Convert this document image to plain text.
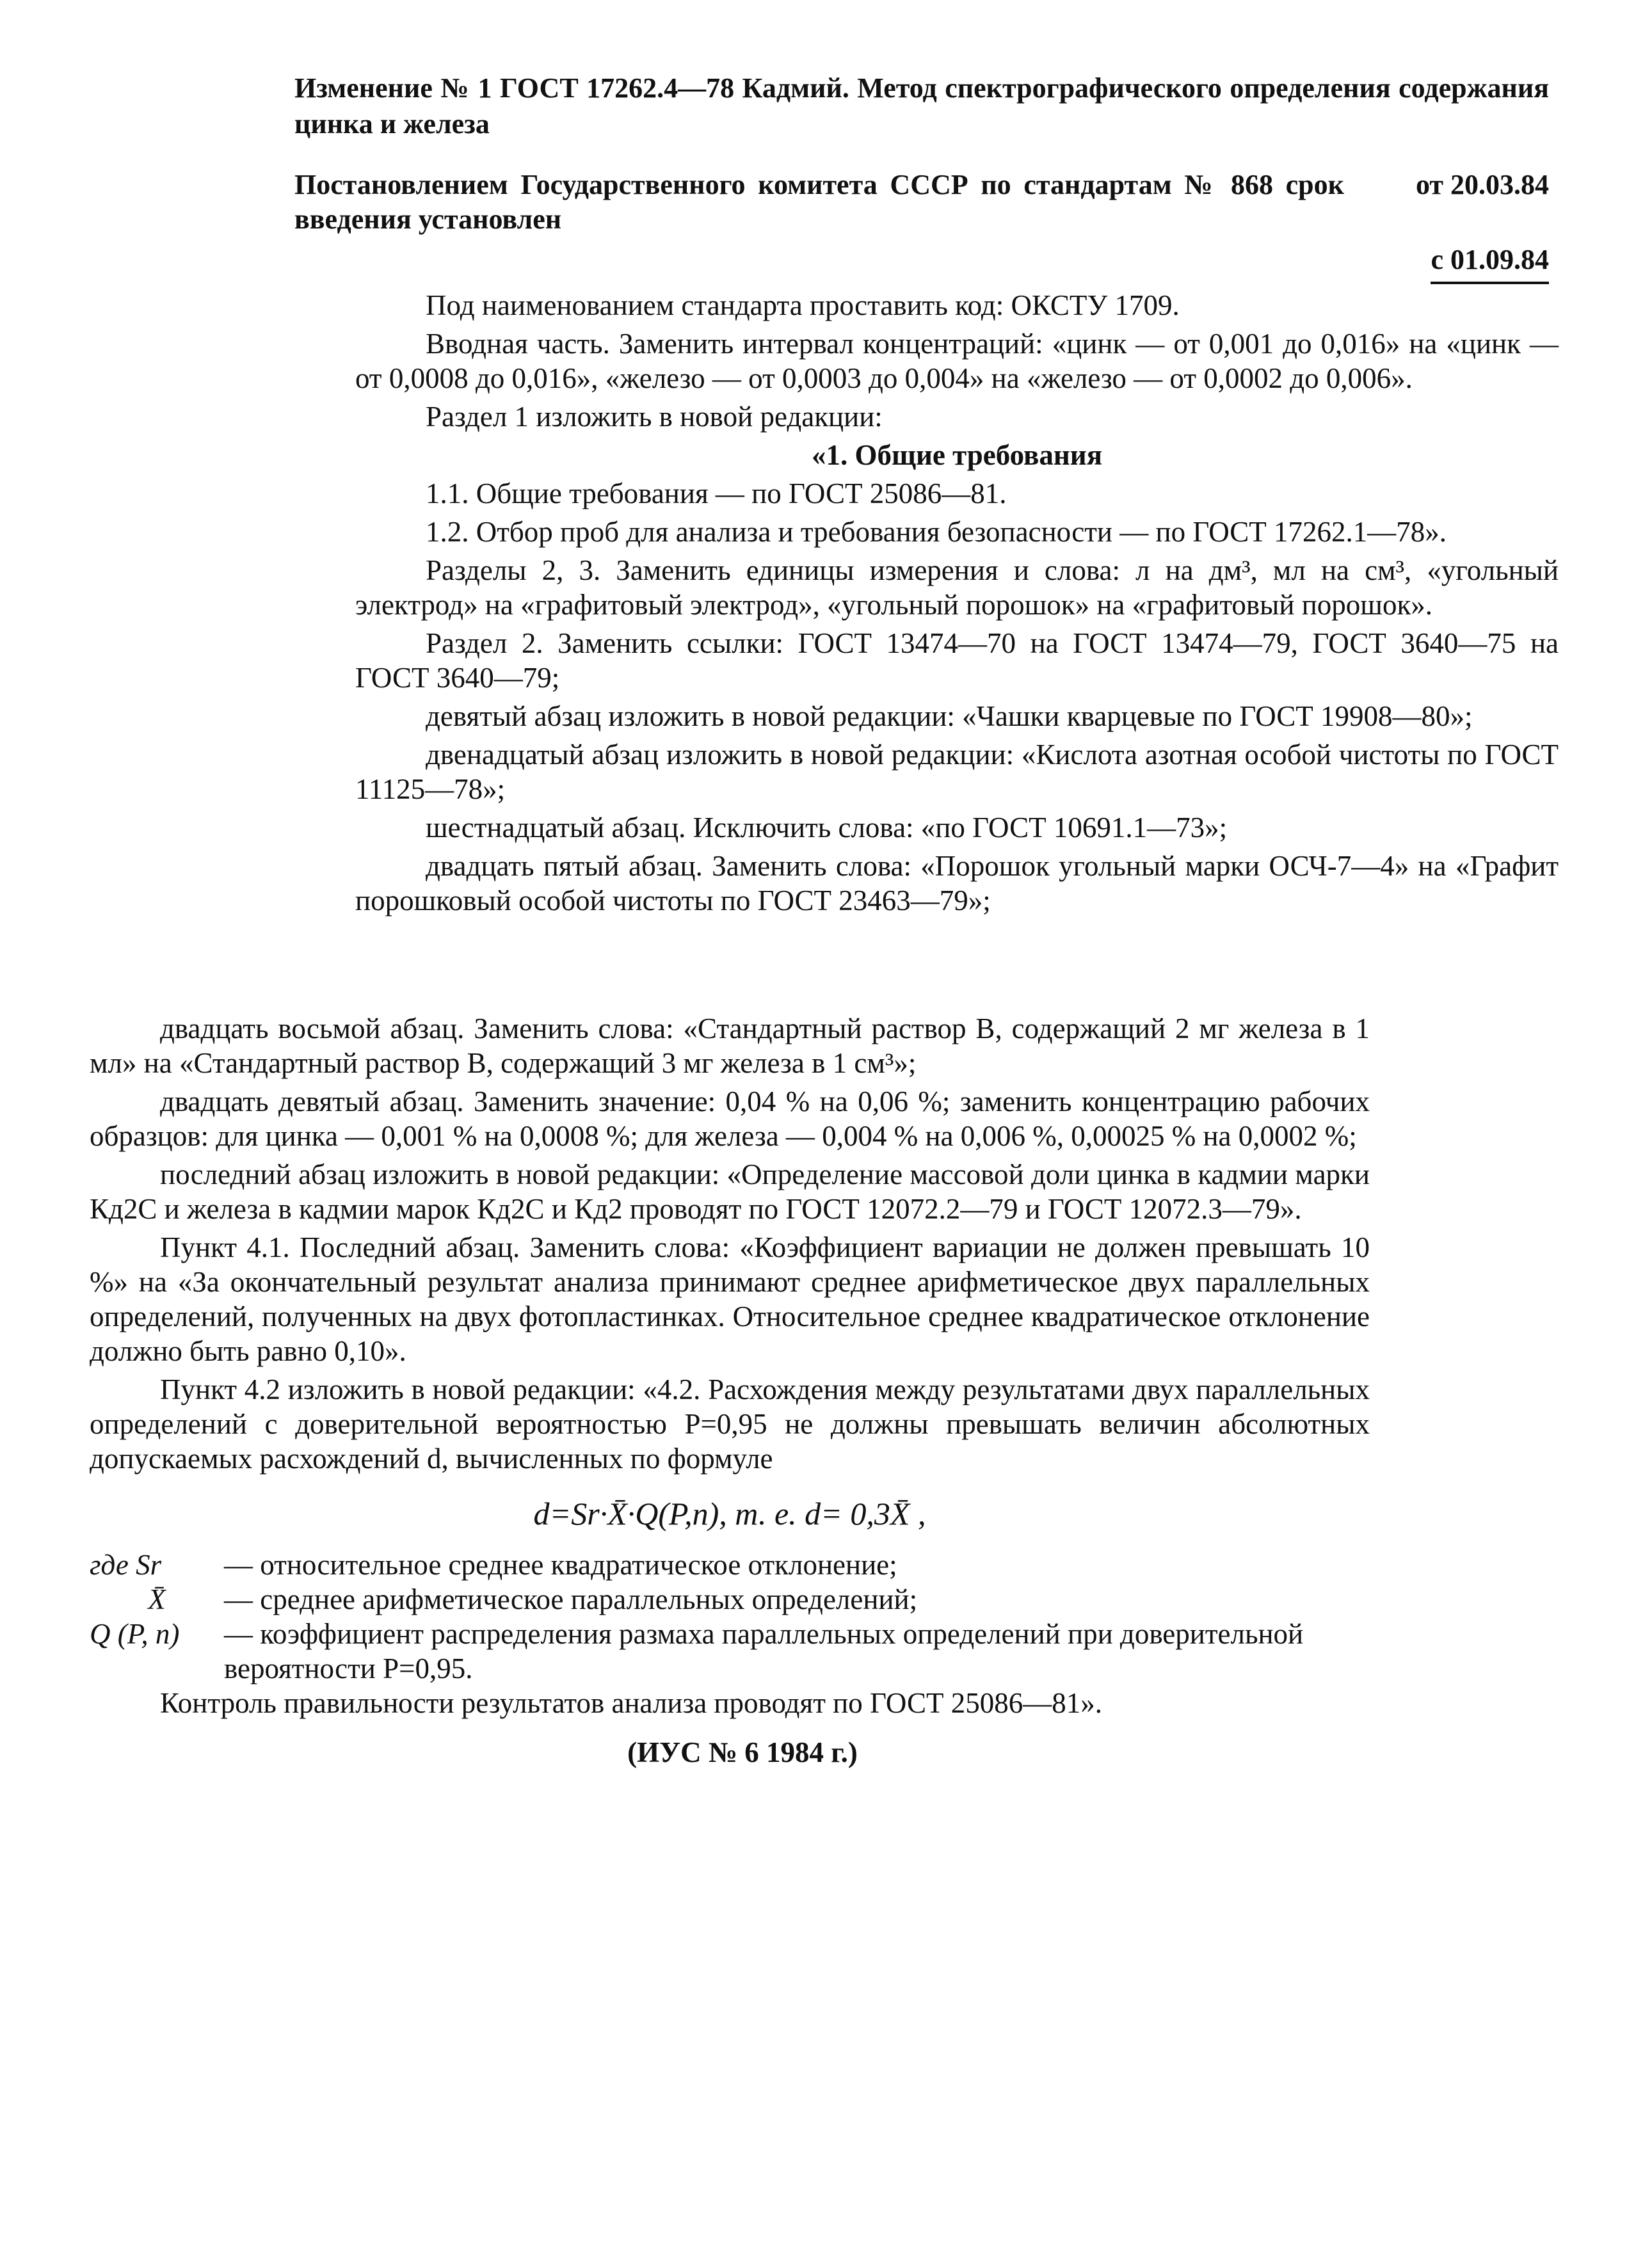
Изменение № 1 ГОСТ 17262.4—78 Кадмий. Метод спектрографического определения содержания цинка и железа

Постановлением Государственного комитета СССР по стандартам № 868 срок введения установлен
от 20.03.84
с 01.09.84

Под наименованием стандарта проставить код: ОКСТУ 1709.

Вводная часть. Заменить интервал концентраций: «цинк — от 0,001 до 0,016» на «цинк — от 0,0008 до 0,016», «железо — от 0,0003 до 0,004» на «железо — от 0,0002 до 0,006».

Раздел 1 изложить в новой редакции:

«1. Общие требования

1.1. Общие требования — по ГОСТ 25086—81.

1.2. Отбор проб для анализа и требования безопасности — по ГОСТ 17262.1—78».

Разделы 2, 3. Заменить единицы измерения и слова: л на дм³, мл на см³, «угольный электрод» на «графитовый электрод», «угольный порошок» на «графитовый порошок».

Раздел 2. Заменить ссылки: ГОСТ 13474—70 на ГОСТ 13474—79, ГОСТ 3640—75 на ГОСТ 3640—79;

девятый абзац изложить в новой редакции: «Чашки кварцевые по ГОСТ 19908—80»;

двенадцатый абзац изложить в новой редакции: «Кислота азотная особой чистоты по ГОСТ 11125—78»;

шестнадцатый абзац. Исключить слова: «по ГОСТ 10691.1—73»;

двадцать пятый абзац. Заменить слова: «Порошок угольный марки ОСЧ-7—4» на «Графит порошковый особой чистоты по ГОСТ 23463—79»;

двадцать восьмой абзац. Заменить слова: «Стандартный раствор В, содержащий 2 мг железа в 1 мл» на «Стандартный раствор В, содержащий 3 мг железа в 1 см³»;

двадцать девятый абзац. Заменить значение: 0,04 % на 0,06 %; заменить концентрацию рабочих образцов: для цинка — 0,001 % на 0,0008 %; для железа — 0,004 % на 0,006 %, 0,00025 % на 0,0002 %;

последний абзац изложить в новой редакции: «Определение массовой доли цинка в кадмии марки Кд2С и железа в кадмии марок Кд2С и Кд2 проводят по ГОСТ 12072.2—79 и ГОСТ 12072.3—79».

Пункт 4.1. Последний абзац. Заменить слова: «Коэффициент вариации не должен превышать 10 %» на «За окончательный результат анализа принимают среднее арифметическое двух параллельных определений, полученных на двух фотопластинках. Относительное среднее квадратическое отклонение должно быть равно 0,10».

Пункт 4.2 изложить в новой редакции: «4.2. Расхождения между результатами двух параллельных определений с доверительной вероятностью P=0,95 не должны превышать величин абсолютных допускаемых расхождений d, вычисленных по формуле

d=Sr·X̄·Q(P,n), т. е. d= 0,3X̄ ,

где Sr	— относительное среднее квадратическое отклонение;
X̄	— среднее арифметическое параллельных определений;
Q (P, n)	— коэффициент распределения размаха параллельных определений при доверительной вероятности P=0,95.

Контроль правильности результатов анализа проводят по ГОСТ 25086—81».

(ИУС № 6 1984 г.)
